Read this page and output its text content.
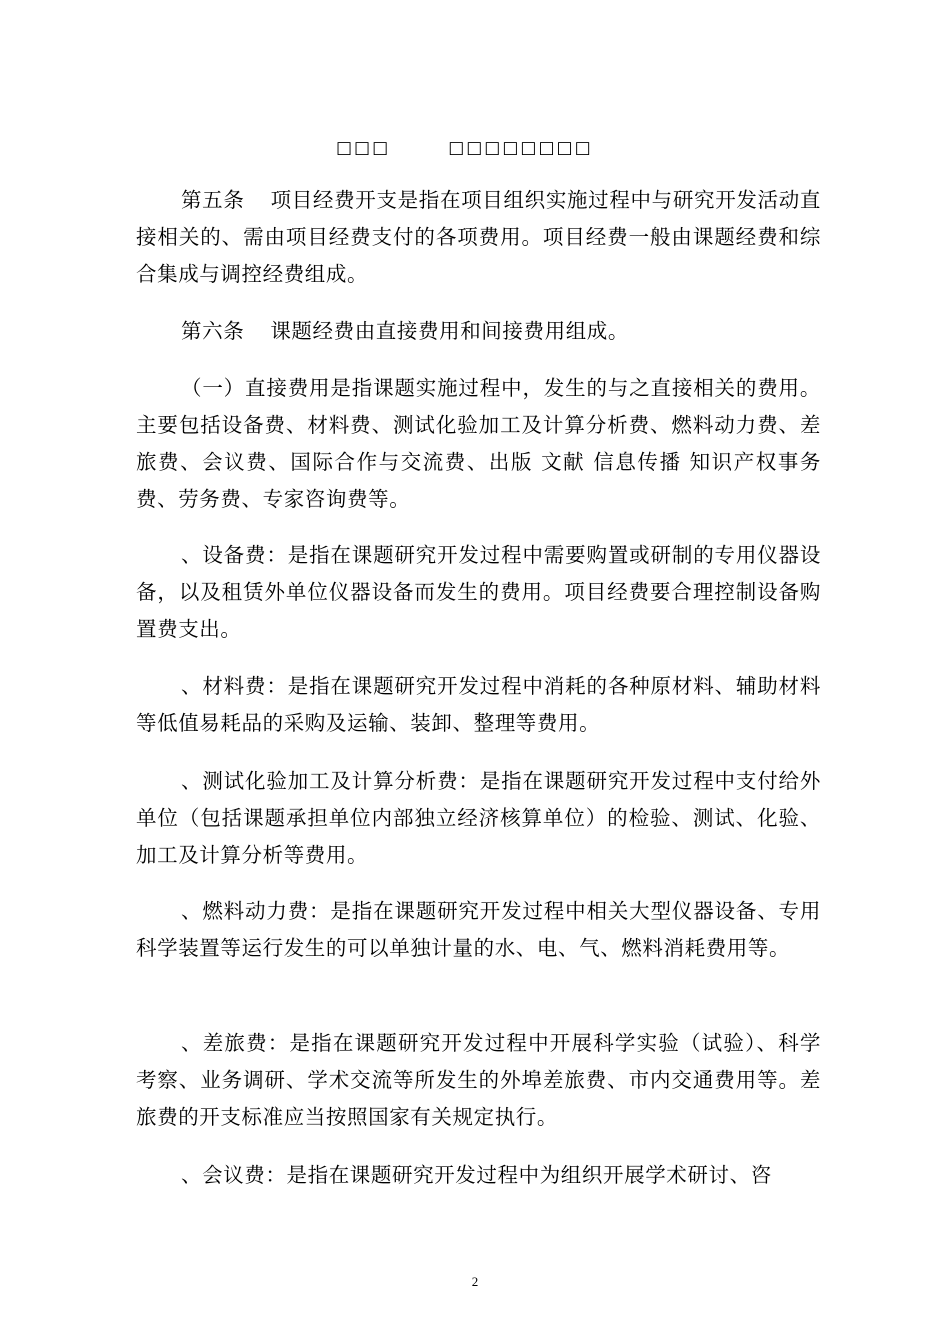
□□□	□□□□□□□□

第五条 项目经费开支是指在项目组织实施过程中与研究开发活动直接相关的、需由项目经费支付的各项费用。项目经费一般由课题经费和综合集成与调控经费组成。

第六条 课题经费由直接费用和间接费用组成。

（一）直接费用是指课题实施过程中，发生的与之直接相关的费用。主要包括设备费、材料费、测试化验加工及计算分析费、燃料动力费、差旅费、会议费、国际合作与交流费、出版 文献 信息传播 知识产权事务费、劳务费、专家咨询费等。

、设备费：是指在课题研究开发过程中需要购置或研制的专用仪器设备，以及租赁外单位仪器设备而发生的费用。项目经费要合理控制设备购置费支出。

、材料费：是指在课题研究开发过程中消耗的各种原材料、辅助材料等低值易耗品的采购及运输、装卸、整理等费用。

、测试化验加工及计算分析费：是指在课题研究开发过程中支付给外单位（包括课题承担单位内部独立经济核算单位）的检验、测试、化验、加工及计算分析等费用。

、燃料动力费：是指在课题研究开发过程中相关大型仪器设备、专用科学装置等运行发生的可以单独计量的水、电、气、燃料消耗费用等。

、差旅费：是指在课题研究开发过程中开展科学实验（试验）、科学考察、业务调研、学术交流等所发生的外埠差旅费、市内交通费用等。差旅费的开支标准应当按照国家有关规定执行。

、会议费：是指在课题研究开发过程中为组织开展学术研讨、咨

2
